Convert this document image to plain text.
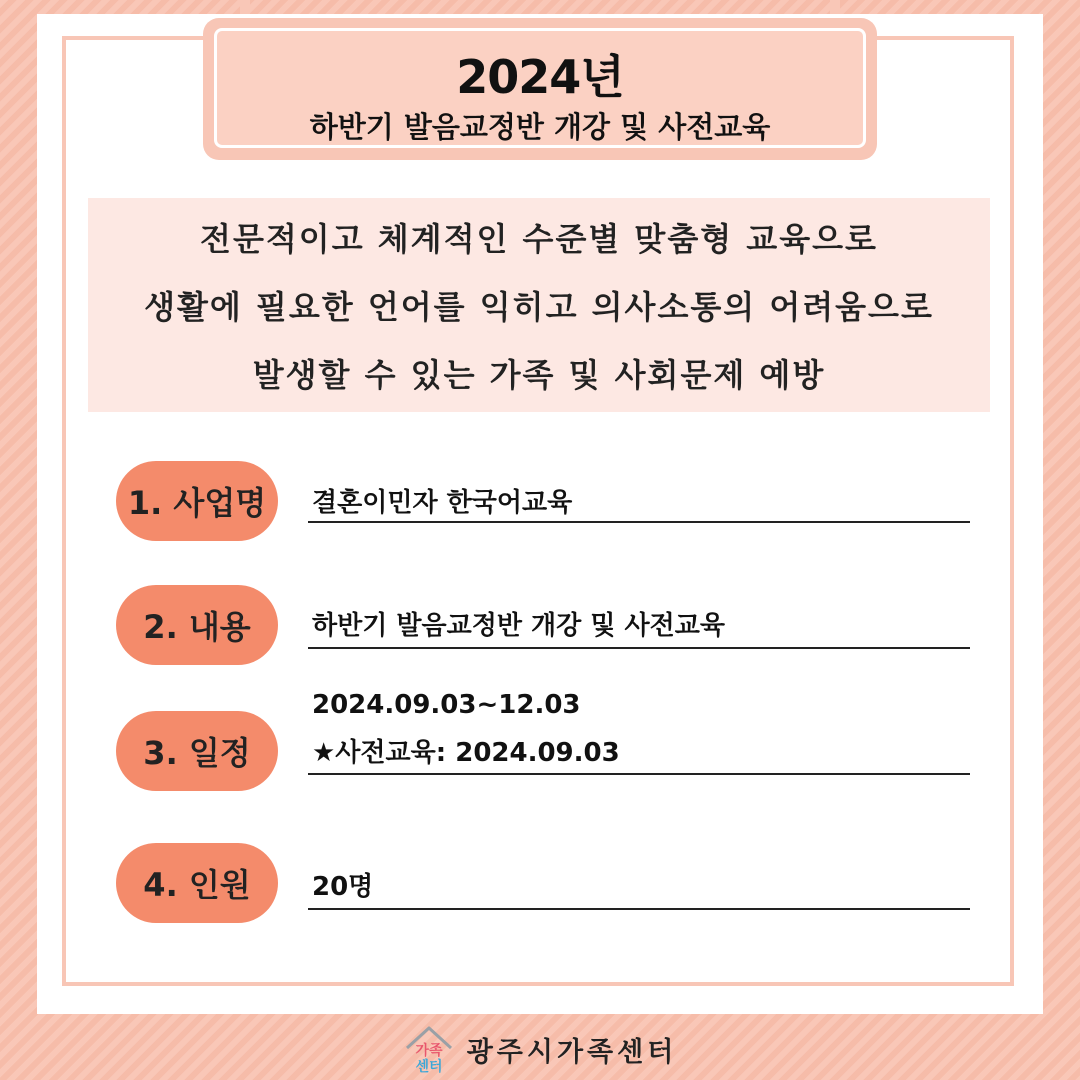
2024년
하반기 발음교정반 개강 및 사전교육
전문적이고 체계적인 수준별 맞춤형 교육으로
생활에 필요한 언어를 익히고 의사소통의 어려움으로
발생할 수 있는 가족 및 사회문제 예방
1. 사업명	결혼이민자 한국어교육
2. 내용	하반기 발음교정반 개강 및 사전교육
3. 일정
2024.09.03~12.03
★사전교육: 2024.09.03
4. 인원	20명
가족
센터 광주시가족센터
